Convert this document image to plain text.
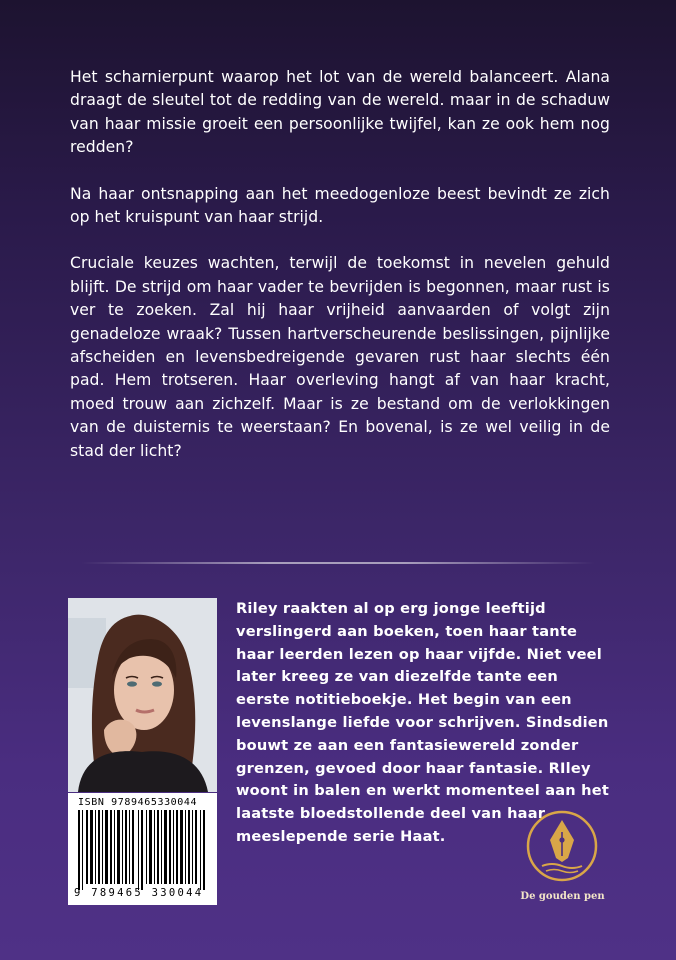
Het scharnierpunt waarop het lot van de wereld balanceert. Alana draagt de sleutel tot de redding van de wereld. maar in de schaduw van haar missie groeit een persoonlijke twijfel, kan ze ook hem nog redden?

Na haar ontsnapping aan het meedogenloze beest bevindt ze zich op het kruispunt van haar strijd.

Cruciale keuzes wachten, terwijl de toekomst in nevelen gehuld blijft. De strijd om haar vader te bevrijden is begonnen, maar rust is ver te zoeken. Zal hij haar vrijheid aanvaarden of volgt zijn genadeloze wraak? Tussen hartverscheurende beslissingen, pijnlijke afscheiden en levensbedreigende gevaren rust haar slechts één pad. Hem trotseren. Haar overleving hangt af van haar kracht, moed trouw aan zichzelf. Maar is ze bestand om de verlokkingen van de duisternis te weerstaan? En bovenal, is ze wel veilig in de stad der licht?

Riley raakten al op erg jonge leeftijd verslingerd aan boeken, toen haar tante haar leerden lezen op haar vijfde. Niet veel later kreeg ze van diezelfde tante een eerste notitieboekje. Het begin van een levenslange liefde voor schrijven. Sindsdien bouwt ze aan een fantasiewereld zonder grenzen, gevoed door haar fantasie. RIley woont in balen en werkt momenteel aan het laatste bloedstollende deel van haar meeslepende serie Haat.
ISBN 9789465330044
9 789465 330044	De gouden pen
